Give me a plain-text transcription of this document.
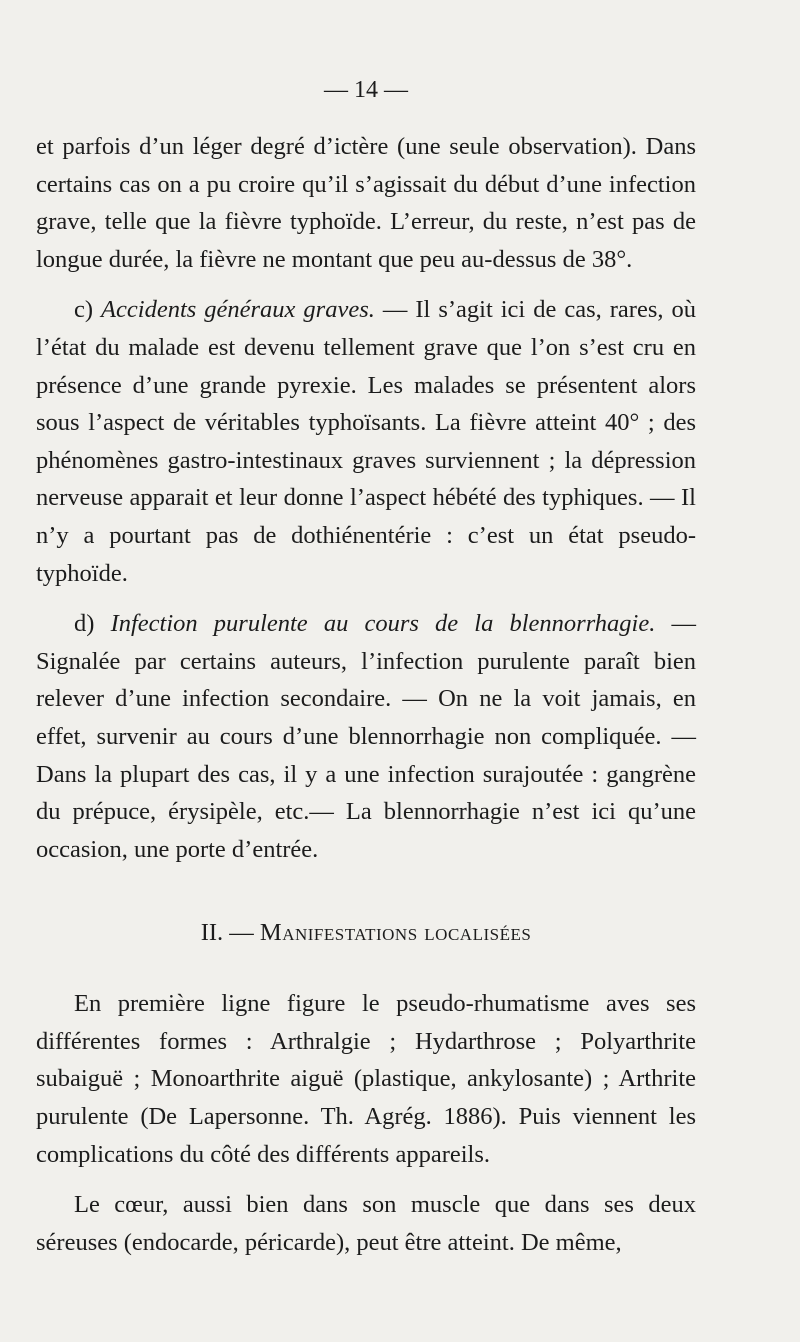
— 14 —

et parfois d’un léger degré d’ictère (une seule observation). Dans certains cas on a pu croire qu’il s’agissait du début d’une infection grave, telle que la fièvre typhoïde. L’erreur, du reste, n’est pas de longue durée, la fièvre ne montant que peu au-dessus de 38°.

c) Accidents généraux graves. — Il s’agit ici de cas, rares, où l’état du malade est devenu tellement grave que l’on s’est cru en présence d’une grande pyrexie. Les malades se présentent alors sous l’aspect de véritables typhoïsants. La fièvre atteint 40° ; des phénomènes gastro-intestinaux graves surviennent ; la dépression nerveuse apparait et leur donne l’aspect hébété des typhiques. — Il n’y a pourtant pas de dothiénentérie : c’est un état pseudo-typhoïde.

d) Infection purulente au cours de la blennorrhagie. — Signalée par certains auteurs, l’infection purulente paraît bien relever d’une infection secondaire. — On ne la voit jamais, en effet, survenir au cours d’une blennorrhagie non compliquée. — Dans la plupart des cas, il y a une infection surajoutée : gangrène du prépuce, érysipèle, etc.— La blennorrhagie n’est ici qu’une occasion, une porte d’entrée.

II. — Manifestations localisées

En première ligne figure le pseudo-rhumatisme aves ses différentes formes : Arthralgie ; Hydarthrose ; Polyarthrite subaiguë ; Monoarthrite aiguë (plastique, ankylosante) ; Arthrite purulente (De Lapersonne. Th. Agrég. 1886). Puis viennent les complications du côté des différents appareils.

Le cœur, aussi bien dans son muscle que dans ses deux séreuses (endocarde, péricarde), peut être atteint. De même,
